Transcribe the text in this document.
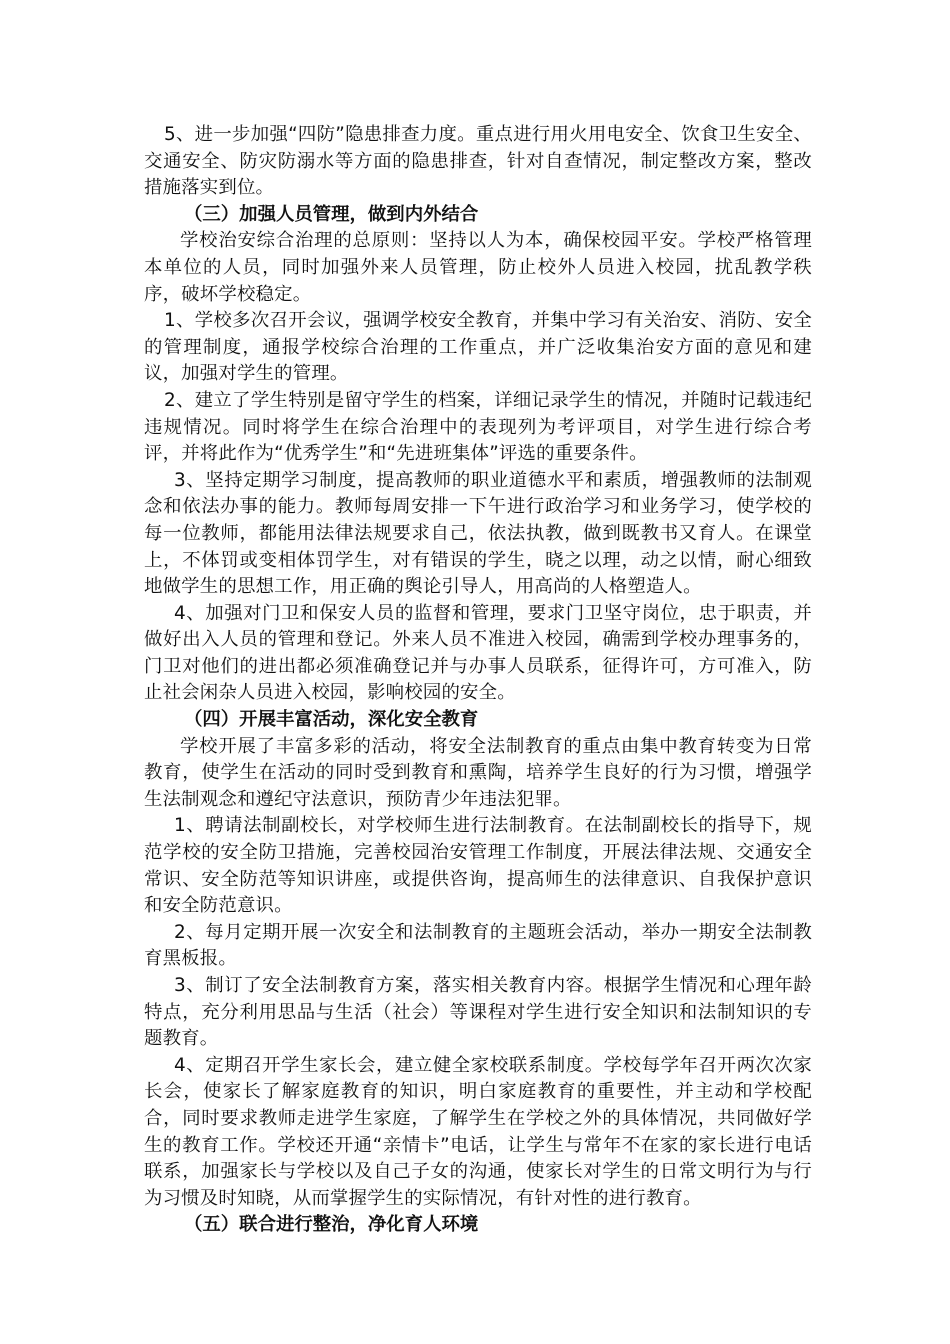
5、进一步加强“四防”隐患排查力度。重点进行用火用电安全、饮食卫生安全、交通安全、防灾防溺水等方面的隐患排查，针对自查情况，制定整改方案，整改措施落实到位。

（三）加强人员管理，做到内外结合

学校治安综合治理的总原则：坚持以人为本，确保校园平安。学校严格管理本单位的人员，同时加强外来人员管理，防止校外人员进入校园，扰乱教学秩序，破坏学校稳定。

1、学校多次召开会议，强调学校安全教育，并集中学习有关治安、消防、安全的管理制度，通报学校综合治理的工作重点，并广泛收集治安方面的意见和建议，加强对学生的管理。

2、建立了学生特别是留守学生的档案，详细记录学生的情况，并随时记载违纪违规情况。同时将学生在综合治理中的表现列为考评项目，对学生进行综合考评，并将此作为“优秀学生”和“先进班集体”评选的重要条件。

3、坚持定期学习制度，提高教师的职业道德水平和素质，增强教师的法制观念和依法办事的能力。教师每周安排一下午进行政治学习和业务学习，使学校的每一位教师，都能用法律法规要求自己，依法执教，做到既教书又育人。在课堂上，不体罚或变相体罚学生，对有错误的学生，晓之以理，动之以情，耐心细致地做学生的思想工作，用正确的舆论引导人，用高尚的人格塑造人。

4、加强对门卫和保安人员的监督和管理，要求门卫坚守岗位，忠于职责，并做好出入人员的管理和登记。外来人员不准进入校园，确需到学校办理事务的，门卫对他们的进出都必须准确登记并与办事人员联系，征得许可，方可准入，防止社会闲杂人员进入校园，影响校园的安全。

（四）开展丰富活动，深化安全教育

学校开展了丰富多彩的活动，将安全法制教育的重点由集中教育转变为日常教育，使学生在活动的同时受到教育和熏陶，培养学生良好的行为习惯，增强学生法制观念和遵纪守法意识，预防青少年违法犯罪。

1、聘请法制副校长，对学校师生进行法制教育。在法制副校长的指导下，规范学校的安全防卫措施，完善校园治安管理工作制度，开展法律法规、交通安全常识、安全防范等知识讲座，或提供咨询，提高师生的法律意识、自我保护意识和安全防范意识。

2、每月定期开展一次安全和法制教育的主题班会活动，举办一期安全法制教育黑板报。

3、制订了安全法制教育方案，落实相关教育内容。根据学生情况和心理年龄特点，充分利用思品与生活（社会）等课程对学生进行安全知识和法制知识的专题教育。

4、定期召开学生家长会，建立健全家校联系制度。学校每学年召开两次次家长会，使家长了解家庭教育的知识，明白家庭教育的重要性，并主动和学校配合，同时要求教师走进学生家庭，了解学生在学校之外的具体情况，共同做好学生的教育工作。学校还开通“亲情卡”电话，让学生与常年不在家的家长进行电话联系，加强家长与学校以及自己子女的沟通，使家长对学生的日常文明行为与行为习惯及时知晓，从而掌握学生的实际情况，有针对性的进行教育。

（五）联合进行整治，净化育人环境
